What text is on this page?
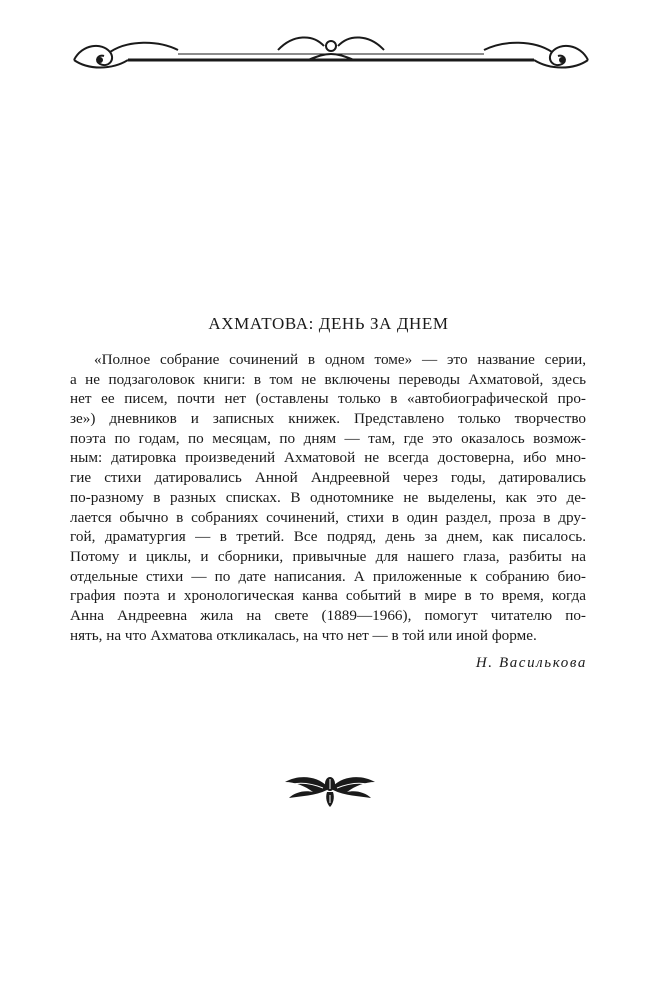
АХМАТОВА: ДЕНЬ ЗА ДНЕМ
«Полное собрание сочинений в одном томе» — это название серии,
а не подзаголовок книги: в том не включены переводы Ахматовой, здесь
нет ее писем, почти нет (оставлены только в «автобиографической про-
зе») дневников и записных книжек. Представлено только творчество
поэта по годам, по месяцам, по дням — там, где это оказалось возмож-
ным: датировка произведений Ахматовой не всегда достоверна, ибо мно-
гие стихи датировались Анной Андреевной через годы, датировались
по-разному в разных списках. В однотомнике не выделены, как это де-
лается обычно в собраниях сочинений, стихи в один раздел, проза в дру-
гой, драматургия — в третий. Все подряд, день за днем, как писалось.
Потому и циклы, и сборники, привычные для нашего глаза, разбиты на
отдельные стихи — по дате написания. А приложенные к собранию био-
графия поэта и хронологическая канва событий в мире в то время, когда
Анна Андреевна жила на свете (1889—1966), помогут читателю по-
нять, на что Ахматова откликалась, на что нет — в той или иной форме.
Н. Василькова
